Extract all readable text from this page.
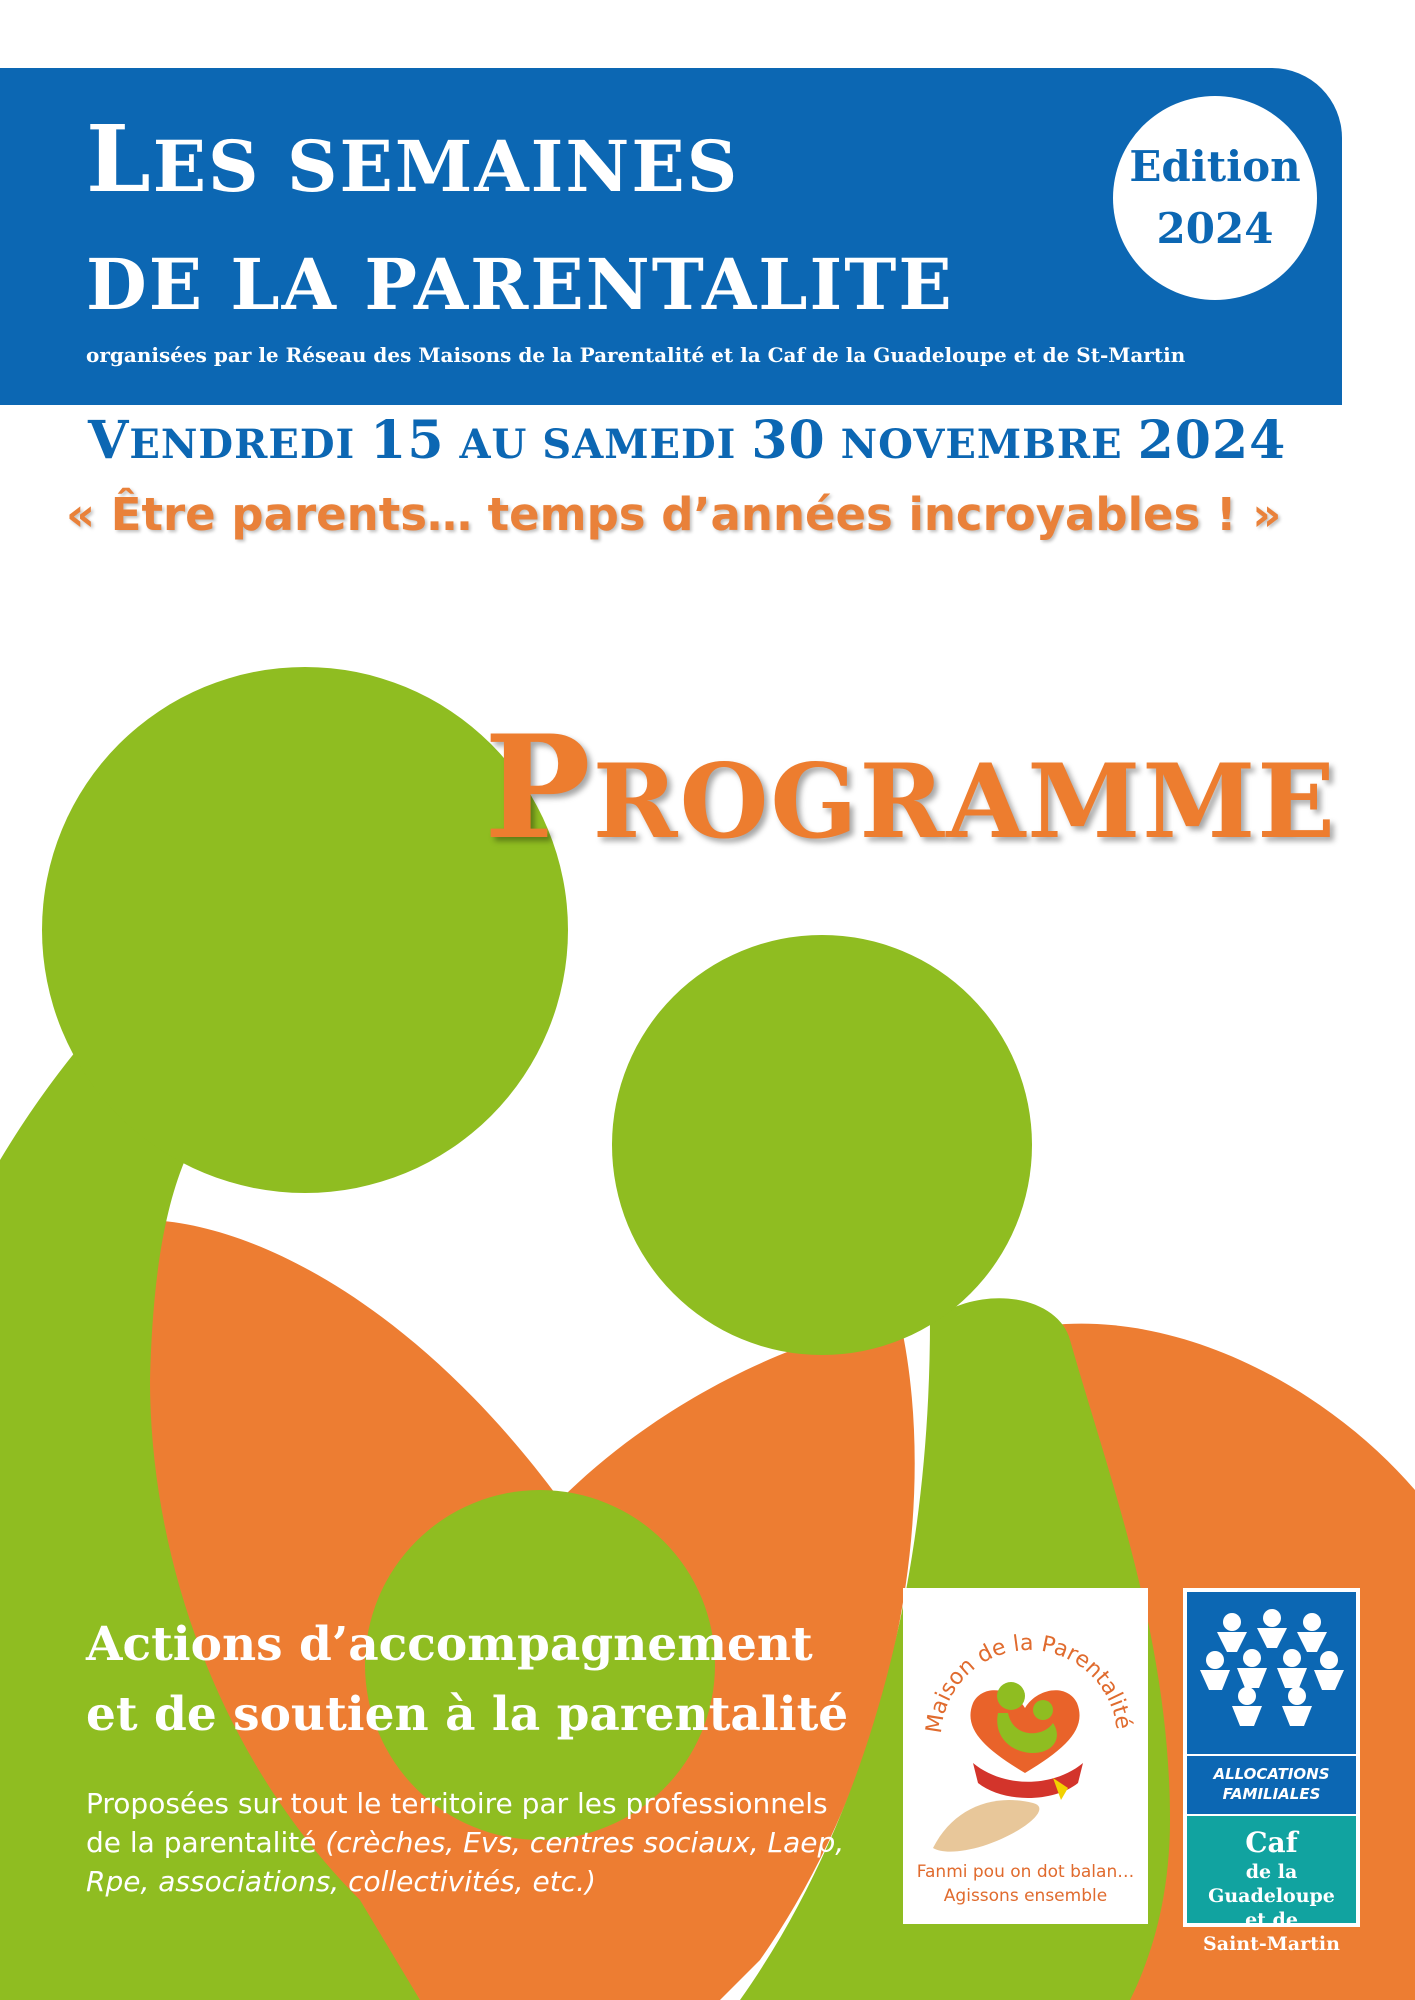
LES SEMAINES
DE LA PARENTALITE
Edition
2024
organisées par le Réseau des Maisons de la Parentalité et la Caf de la Guadeloupe et de St-Martin
VENDREDI 15 AU SAMEDI 30 NOVEMBRE 2024
« Être parents… temps d’années incroyables ! »
PROGRAMME
Actions d’accompagnement
et de soutien à la parentalité
Proposées sur tout le territoire par les professionnels de la parentalité (crèches, Evs, centres sociaux, Laep, Rpe, associations, collectivités, etc.)
Maison de la Parentalité
Fanmi pou on dot balan…
Agissons ensemble
ALLOCATIONS
FAMILIALES
Caf
de la
Guadeloupe
et de
Saint-Martin
